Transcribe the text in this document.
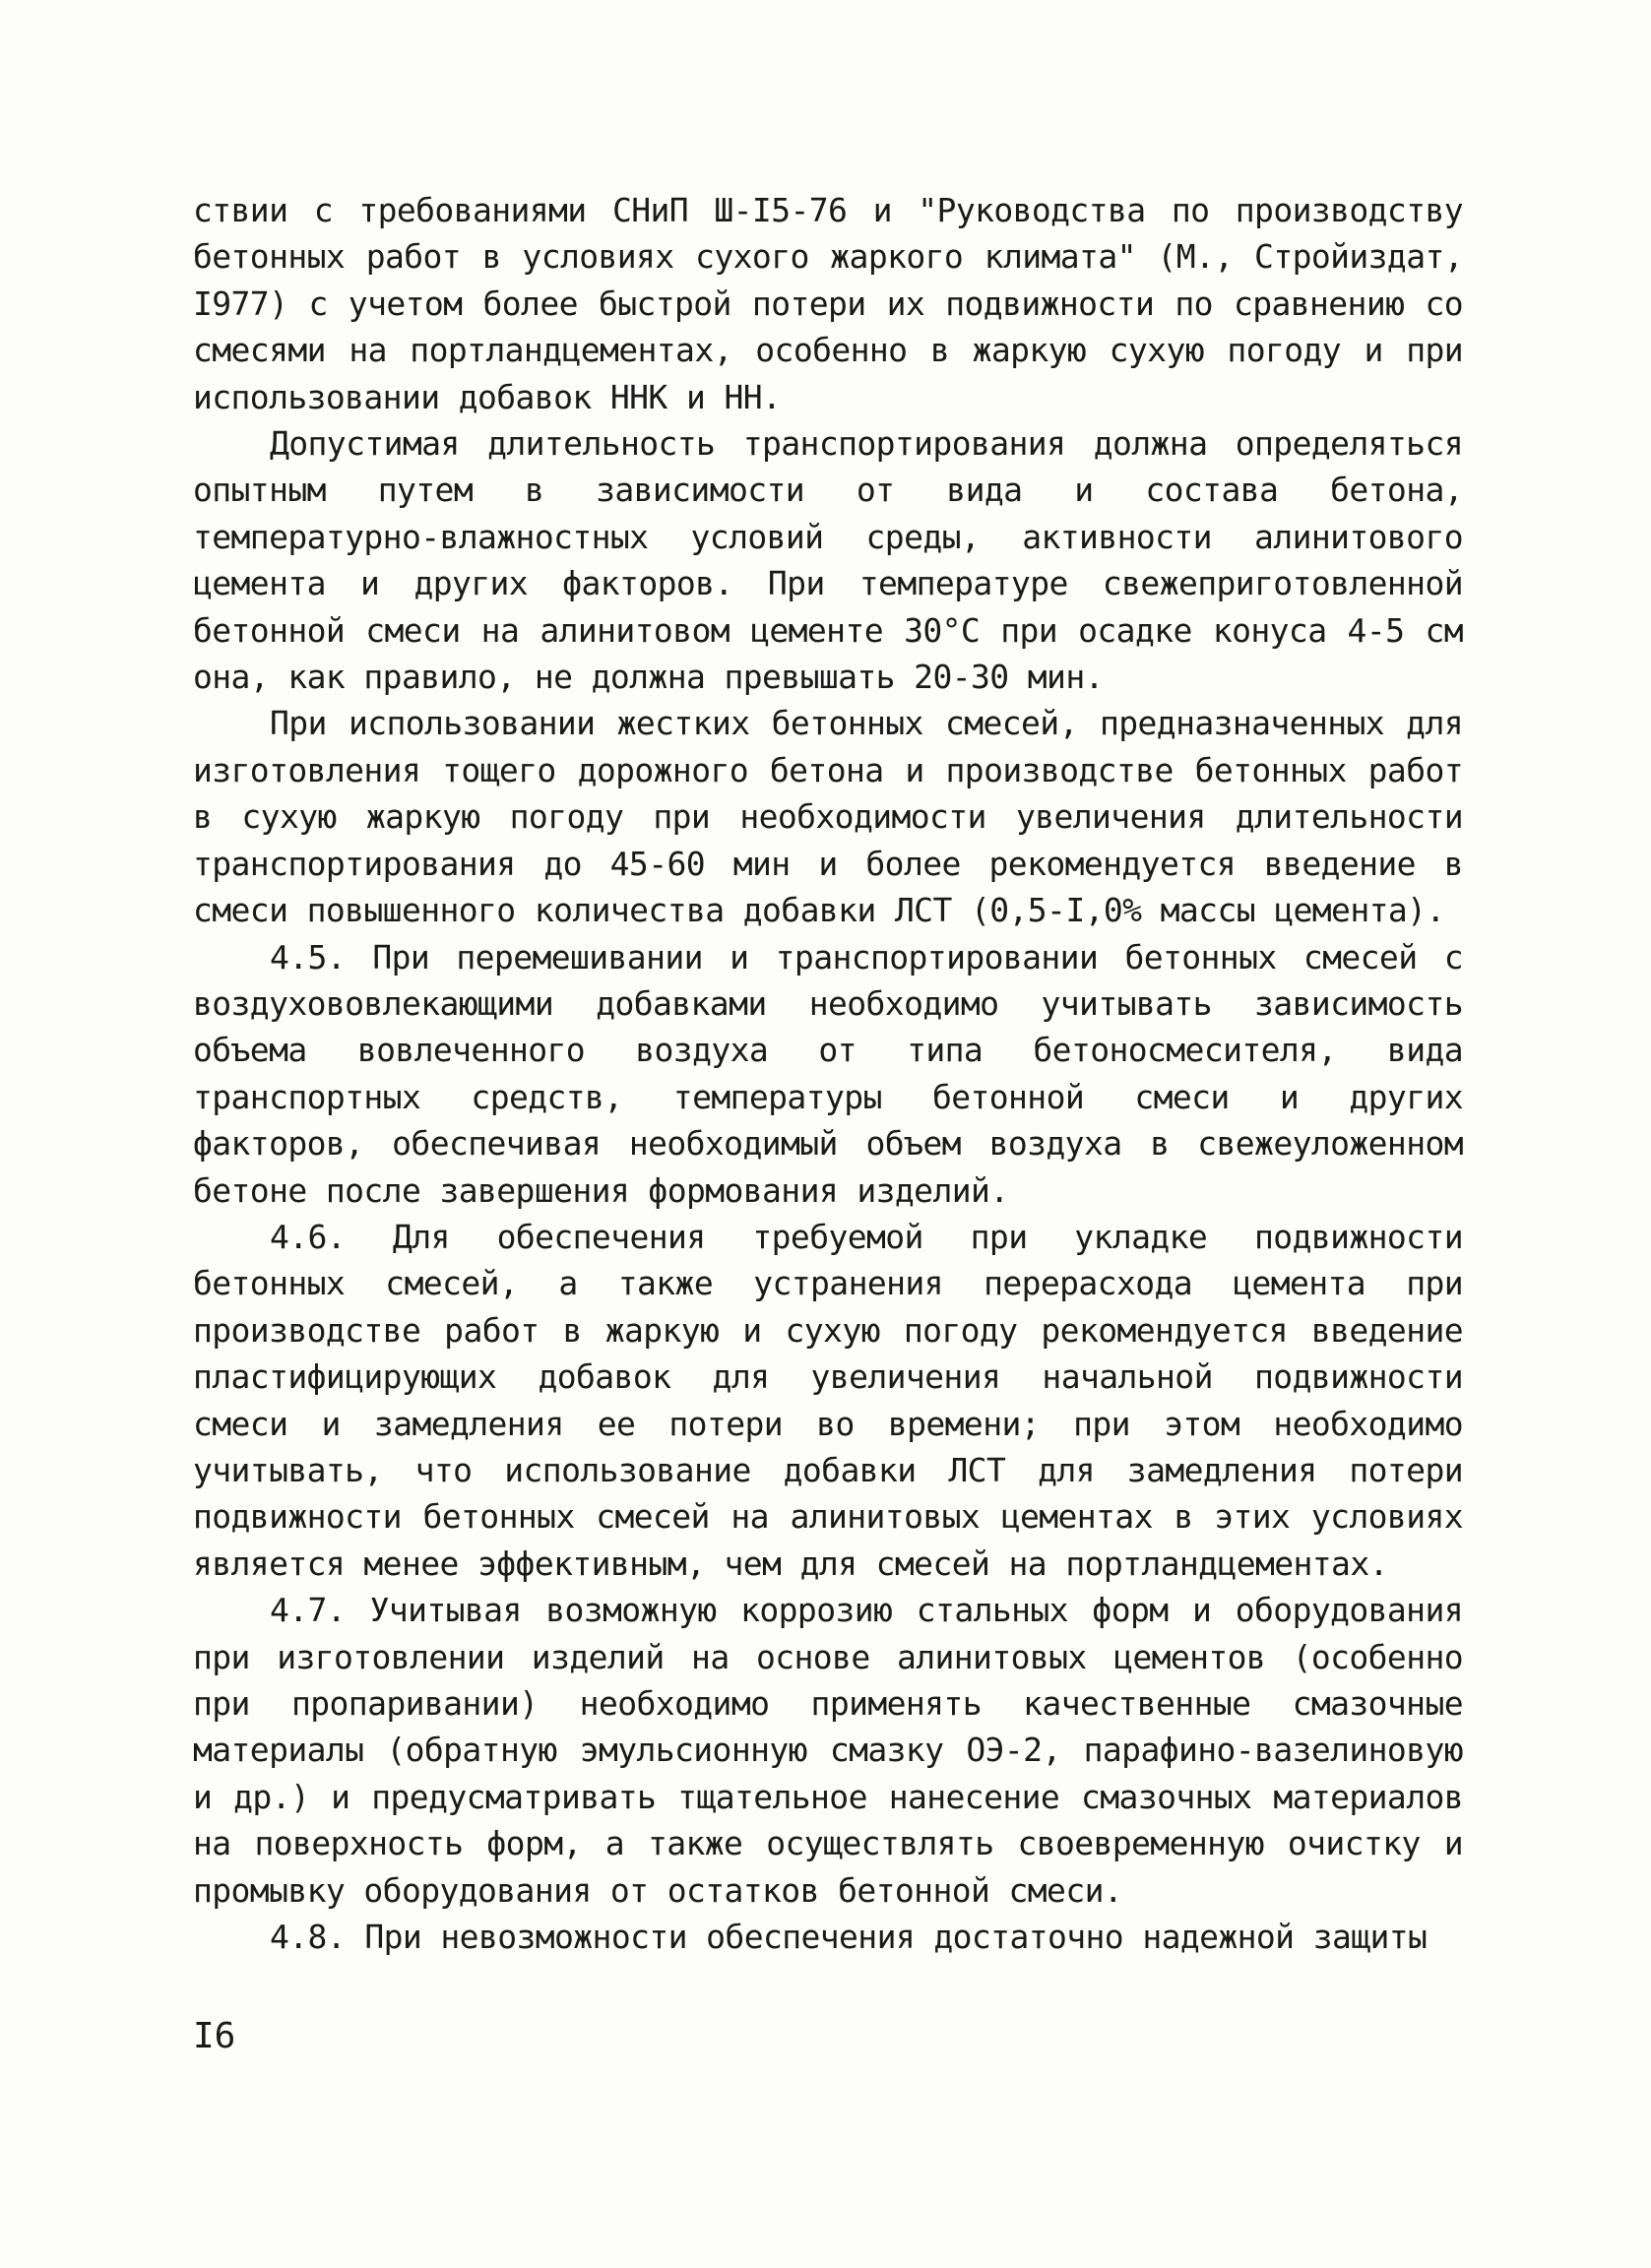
ствии с требованиями СНиП Ш-I5-76 и "Руководства по производству бетонных работ в условиях сухого жаркого климата" (М., Стройиздат, I977) с учетом более быстрой потери их подвижности по сравнению со смесями на портландцементах, особенно в жаркую сухую погоду и при использовании добавок ННК и НН.

Допустимая длительность транспортирования должна определяться опытным путем в зависимости от вида и состава бетона, температурно-влажностных условий среды, активности алинитового цемента и других факторов. При температуре свежеприготовленной бетонной смеси на алинитовом цементе 30°С при осадке конуса 4-5 см она, как правило, не должна превышать 20-30 мин.

При использовании жестких бетонных смесей, предназначенных для изготовления тощего дорожного бетона и производстве бетонных работ в сухую жаркую погоду при необходимости увеличения длительности транспортирования до 45-60 мин и более рекомендуется введение в смеси повышенного количества добавки ЛСТ (0,5-I,0% массы цемента).

4.5. При перемешивании и транспортировании бетонных смесей с воздухововлекающими добавками необходимо учитывать зависимость объема вовлеченного воздуха от типа бетоносмесителя, вида транспортных средств, температуры бетонной смеси и других факторов, обеспечивая необходимый объем воздуха в свежеуложенном бетоне после завершения формования изделий.

4.6. Для обеспечения требуемой при укладке подвижности бетонных смесей, а также устранения перерасхода цемента при производстве работ в жаркую и сухую погоду рекомендуется введение пластифицирующих добавок для увеличения начальной подвижности смеси и замедления ее потери во времени; при этом необходимо учитывать, что использование добавки ЛСТ для замедления потери подвижности бетонных смесей на алинитовых цементах в этих условиях является менее эффективным, чем для смесей на портландцементах.

4.7. Учитывая возможную коррозию стальных форм и оборудования при изготовлении изделий на основе алинитовых цементов (особенно при пропаривании) необходимо применять качественные смазочные материалы (обратную эмульсионную смазку ОЭ-2, парафино-вазелиновую и др.) и предусматривать тщательное нанесение смазочных материалов на поверхность форм, а также осуществлять своевременную очистку и промывку оборудования от остатков бетонной смеси.

4.8. При невозможности обеспечения достаточно надежной защиты

I6
